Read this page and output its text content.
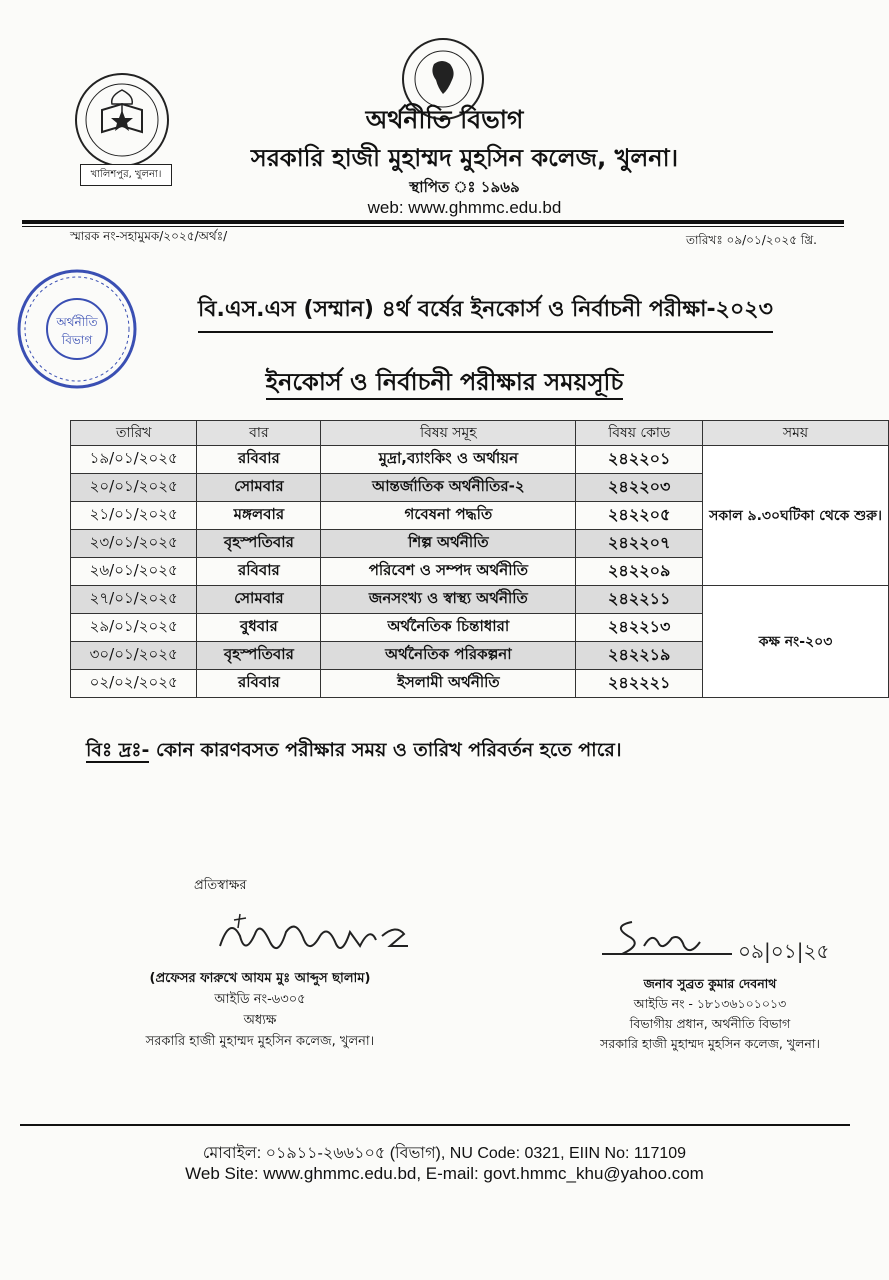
খালিশপুর, খুলনা।
অর্থনীতি বিভাগ
সরকারি হাজী মুহাম্মদ মুহসিন কলেজ, খুলনা।
স্থাপিত ঃ ১৯৬৯
web: www.ghmmc.edu.bd
স্মারক নং-সহামুমক/২০২৫/অর্থঃ/	তারিখঃ ০৯/০১/২০২৫ খ্রি.
অর্থনীতি
বিভাগ
বি.এস.এস (সম্মান) ৪র্থ বর্ষের ইনকোর্স ও নির্বাচনী পরীক্ষা-২০২৩
ইনকোর্স ও নির্বাচনী পরীক্ষার সময়সূচি
তারিখ	বার	বিষয় সমূহ	বিষয় কোড	সময়
১৯/০১/২০২৫	রবিবার	মুদ্রা,ব্যাংকিং ও অর্থায়ন	২৪২২০১	সকাল ৯.৩০ঘটিকা থেকে শুরু।
২০/০১/২০২৫	সোমবার	আন্তর্জাতিক অর্থনীতির-২	২৪২২০৩	
২১/০১/২০২৫	মঙ্গলবার	গবেষনা পদ্ধতি	২৪২২০৫	
২৩/০১/২০২৫	বৃহস্পতিবার	শিল্প অর্থনীতি	২৪২২০৭	
২৬/০১/২০২৫	রবিবার	পরিবেশ ও সম্পদ অর্থনীতি	২৪২২০৯	
২৭/০১/২০২৫	সোমবার	জনসংখ্য ও স্বাস্থ্য অর্থনীতি	২৪২২১১	কক্ষ নং-২০৩
২৯/০১/২০২৫	বুধবার	অর্থনৈতিক চিন্তাধারা	২৪২২১৩	
৩০/০১/২০২৫	বৃহস্পতিবার	অর্থনৈতিক পরিকল্পনা	২৪২২১৯	
০২/০২/২০২৫	রবিবার	ইসলামী অর্থনীতি	২৪২২২১	
বিঃ দ্রঃ- কোন কারণবসত পরীক্ষার সময় ও তারিখ পরিবর্তন হতে পারে।
প্রতিস্বাক্ষর
(প্রফেসর ফারুখে আযম মুঃ আব্দুস ছালাম)
আইডি নং-৬৩০৫
অধ্যক্ষ
সরকারি হাজী মুহাম্মদ মুহসিন কলেজ, খুলনা।
০৯|০১|২৫
জনাব সুব্রত কুমার দেবনাথ
আইডি নং - ১৮১৩৬১০১০১৩
বিভাগীয় প্রধান, অর্থনীতি বিভাগ
সরকারি হাজী মুহাম্মদ মুহসিন কলেজ, খুলনা।
মোবাইল: ০১৯১১-২৬৬১০৫ (বিভাগ), NU Code: 0321, EIIN No: 117109
Web Site: www.ghmmc.edu.bd, E-mail: govt.hmmc_khu@yahoo.com
